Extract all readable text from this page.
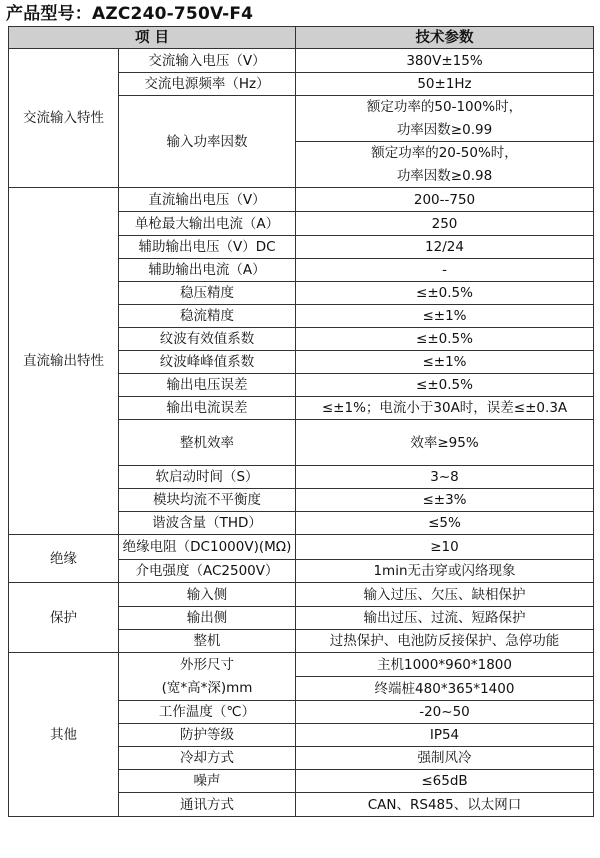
产品型号：AZC240-750V-F4
项 目		技术参数
交流输入特性	交流输入电压（V）	380V±15%
	交流电源频率（Hz）	50±1Hz
	输入功率因数	额定功率的50-100%时，
		功率因数≥0.99
		额定功率的20-50%时，
		功率因数≥0.98
直流输出特性	直流输出电压（V）	200--750
	单枪最大输出电流（A）	250
	辅助输出电压（V）DC	12/24
	辅助输出电流（A）	-
	稳压精度	≤±0.5%
	稳流精度	≤±1%
	纹波有效值系数	≤±0.5%
	纹波峰峰值系数	≤±1%
	输出电压误差	≤±0.5%
	输出电流误差	≤±1%；电流小于30A时，误差≤±0.3A
	整机效率	效率≥95%
	软启动时间（S）	3~8
	模块均流不平衡度	≤±3%
	谐波含量（THD）	≤5%
绝缘	绝缘电阻（DC1000V)(MΩ)	≥10
	介电强度（AC2500V）	1min无击穿或闪络现象
保护	输入侧	输入过压、欠压、缺相保护
	输出侧	输出过压、过流、短路保护
	整机	过热保护、电池防反接保护、急停功能
其他	外形尺寸	主机1000*960*1800
	(宽*高*深)mm	终端桩480*365*1400
	工作温度（℃）	-20~50
	防护等级	IP54
	冷却方式	强制风冷
	噪声	≤65dB
	通讯方式	CAN、RS485、以太网口
